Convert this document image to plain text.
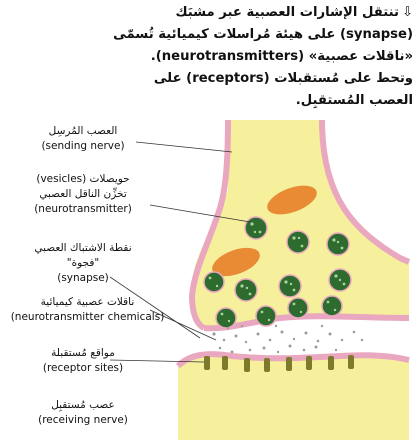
⇩تنتقل الإشارات العصبية عبر مشبَك
(synapse) على هيئة مُراسلات كيميائية تُسمّى
«ناقلات عصبية» (neurotransmitters).
وتحط على مُستقبلات (receptors) على
العصب المُستقبِل.

العصب المُرسِل
(sending nerve)
حويصلات (vesicles)
تخزِّن الناقل العصبي
(neurotransmitter)
نقطة الاشتباك العصبي
"فجوة"
(synapse)
ناقلات عصبية كيميائية
(neurotransmitter chemicals)
مواقع مُستقبلة
(receptor sites)
عصب مُستقبِل
(receiving nerve)
